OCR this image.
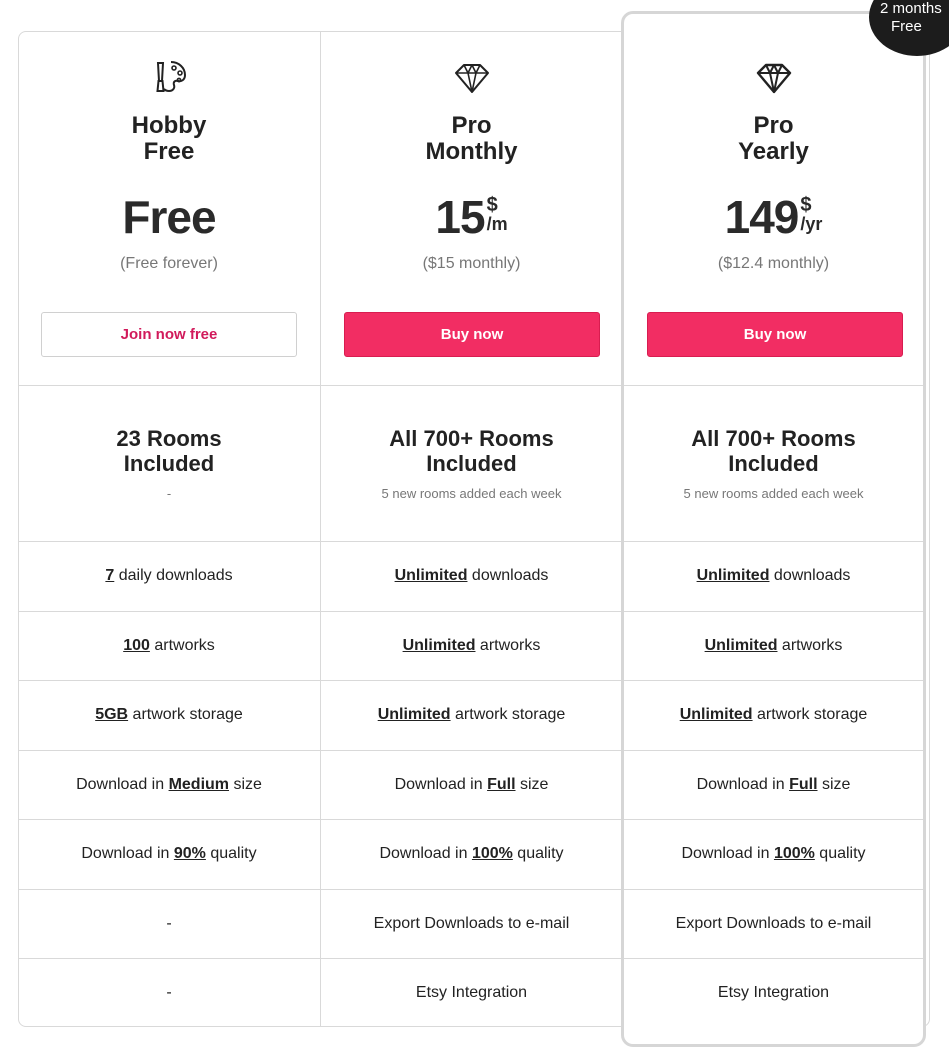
Hobby
Free
Free
(Free forever)
Join now free
23 Rooms
Included
-
7 daily downloads
100 artworks
5GB artwork storage
Download in Medium size
Download in 90% quality
-
-
Pro
Monthly
15 $
/m
($15 monthly)
Buy now
All 700+ Rooms
Included
5 new rooms added each week
Unlimited downloads
Unlimited artworks
Unlimited artwork storage
Download in Full size
Download in 100% quality
Export Downloads to e-mail
Etsy Integration
Pro
Yearly
149 $
/yr
($12.4 monthly)
Buy now
All 700+ Rooms
Included
5 new rooms added each week
Unlimited downloads
Unlimited artworks
Unlimited artwork storage
Download in Full size
Download in 100% quality
Export Downloads to e-mail
Etsy Integration
2 months
Free
